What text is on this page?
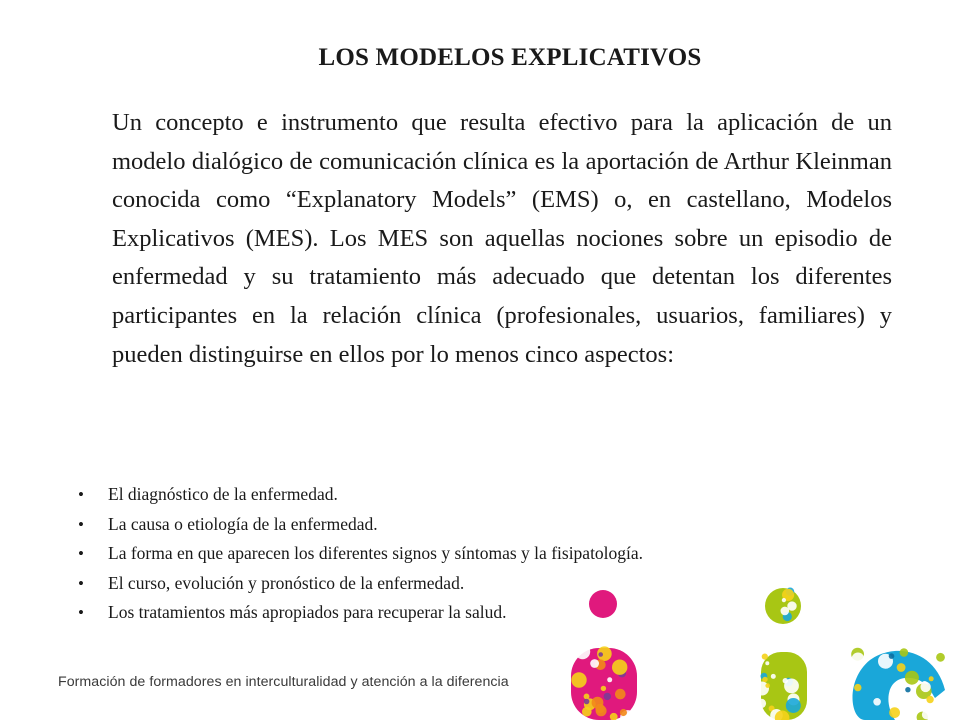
LOS MODELOS EXPLICATIVOS

Un concepto e instrumento que resulta efectivo para la aplicación de un modelo dialógico de comunicación clínica es la aportación de Arthur Kleinman conocida como “Explanatory Models” (EMS) o, en castellano, Modelos Explicativos (MES). Los MES son aquellas nociones sobre un episodio de enfermedad y su tratamiento más adecuado que detentan los diferentes participantes en la relación clínica (profesionales, usuarios, familiares) y pueden distinguirse en ellos por lo menos cinco aspectos:

•	El diagnóstico de la enfermedad.
•	La causa o etiología de la enfermedad.
•	La forma en que aparecen los diferentes signos y síntomas y la fisipatología.
•	El curso, evolución y pronóstico de la enfermedad.
•	Los tratamientos más apropiados para recuperar la salud.
Formación de formadores en interculturalidad y atención a la diferencia
